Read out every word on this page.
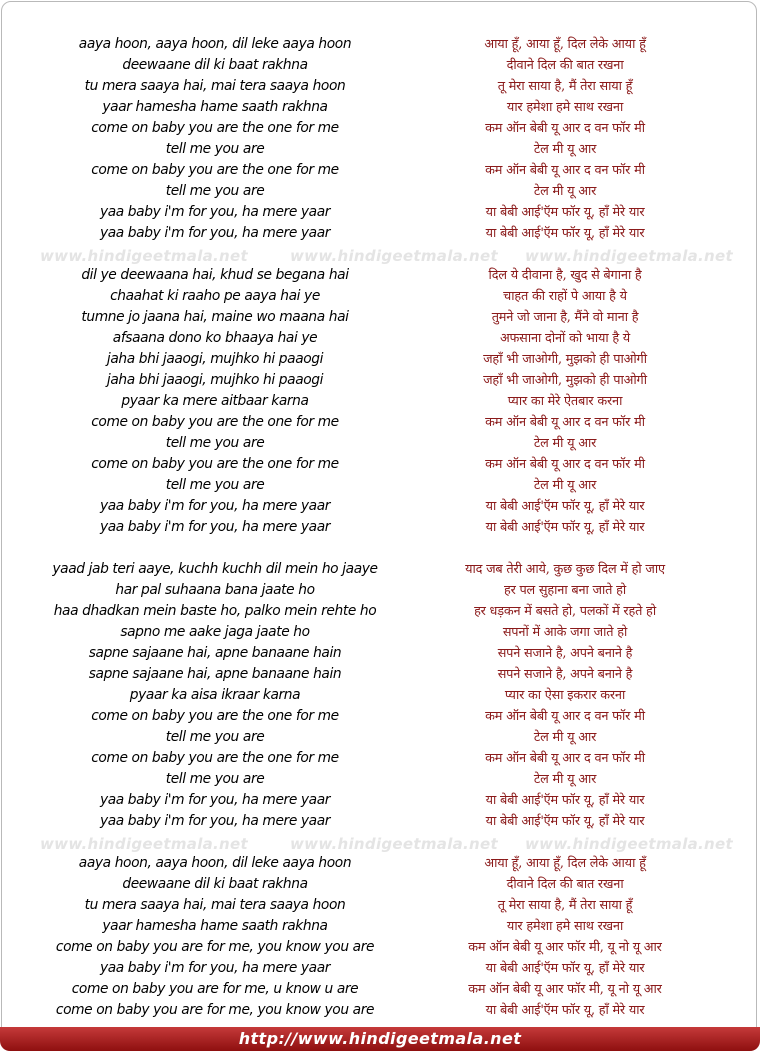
www.hindigeetmala.net	www.hindigeetmala.net www.hindigeetmala.net
www.hindigeetmala.net	www.hindigeetmala.net www.hindigeetmala.net
aaya hoon, aaya hoon, dil leke aaya hoon
deewaane dil ki baat rakhna
tu mera saaya hai, mai tera saaya hoon
yaar hamesha hame saath rakhna
come on baby you are the one for me
tell me you are
come on baby you are the one for me
tell me you are
yaa baby i'm for you, ha mere yaar
yaa baby i'm for you, ha mere yaar
dil ye deewaana hai, khud se begana hai
chaahat ki raaho pe aaya hai ye
tumne jo jaana hai, maine wo maana hai
afsaana dono ko bhaaya hai ye
jaha bhi jaaogi, mujhko hi paaogi
jaha bhi jaaogi, mujhko hi paaogi
pyaar ka mere aitbaar karna
come on baby you are the one for me
tell me you are
come on baby you are the one for me
tell me you are
yaa baby i'm for you, ha mere yaar
yaa baby i'm for you, ha mere yaar
yaad jab teri aaye, kuchh kuchh dil mein ho jaaye
har pal suhaana bana jaate ho
haa dhadkan mein baste ho, palko mein rehte ho
sapno me aake jaga jaate ho
sapne sajaane hai, apne banaane hain
sapne sajaane hai, apne banaane hain
pyaar ka aisa ikraar karna
come on baby you are the one for me
tell me you are
come on baby you are the one for me
tell me you are
yaa baby i'm for you, ha mere yaar
yaa baby i'm for you, ha mere yaar
aaya hoon, aaya hoon, dil leke aaya hoon
deewaane dil ki baat rakhna
tu mera saaya hai, mai tera saaya hoon
yaar hamesha hame saath rakhna
come on baby you are for me, you know you are
yaa baby i'm for you, ha mere yaar
come on baby you are for me, u know u are
come on baby you are for me, you know you are
आया हूँ, आया हूँ, दिल लेके आया हूँ
दीवाने दिल की बात रखना
तू मेरा साया है, मैं तेरा साया हूँ
यार हमेशा हमे साथ रखना
कम ऑन बेबी यू आर द वन फॉर मी
टेल मी यू आर
कम ऑन बेबी यू आर द वन फॉर मी
टेल मी यू आर
या बेबी आई'ऍम फॉर यू, हाँ मेरे यार
या बेबी आई'ऍम फॉर यू, हाँ मेरे यार
दिल ये दीवाना है, खुद से बेगाना है
चाहत की राहों पे आया है ये
तुमने जो जाना है, मैंने वो माना है
अफसाना दोनों को भाया है ये
जहाँ भी जाओगी, मुझको ही पाओगी
जहाँ भी जाओगी, मुझको ही पाओगी
प्यार का मेरे ऐतबार करना
कम ऑन बेबी यू आर द वन फॉर मी
टेल मी यू आर
कम ऑन बेबी यू आर द वन फॉर मी
टेल मी यू आर
या बेबी आई'ऍम फॉर यू, हाँ मेरे यार
या बेबी आई'ऍम फॉर यू, हाँ मेरे यार
याद जब तेरी आये, कुछ कुछ दिल में हो जाए
हर पल सुहाना बना जाते हो
हर धड़कन में बसते हो, पलकों में रहते हो
सपनों में आके जगा जाते हो
सपने सजाने है, अपने बनाने है
सपने सजाने है, अपने बनाने है
प्यार का ऐसा इकरार करना
कम ऑन बेबी यू आर द वन फॉर मी
टेल मी यू आर
कम ऑन बेबी यू आर द वन फॉर मी
टेल मी यू आर
या बेबी आई'ऍम फॉर यू, हाँ मेरे यार
या बेबी आई'ऍम फॉर यू, हाँ मेरे यार
आया हूँ, आया हूँ, दिल लेके आया हूँ
दीवाने दिल की बात रखना
तू मेरा साया है, मैं तेरा साया हूँ
यार हमेशा हमे साथ रखना
कम ऑन बेबी यू आर फॉर मी, यू नो यू आर
या बेबी आई'ऍम फॉर यू, हाँ मेरे यार
कम ऑन बेबी यू आर फॉर मी, यू नो यू आर
या बेबी आई'ऍम फॉर यू, हाँ मेरे यार
http://www.hindigeetmala.net
